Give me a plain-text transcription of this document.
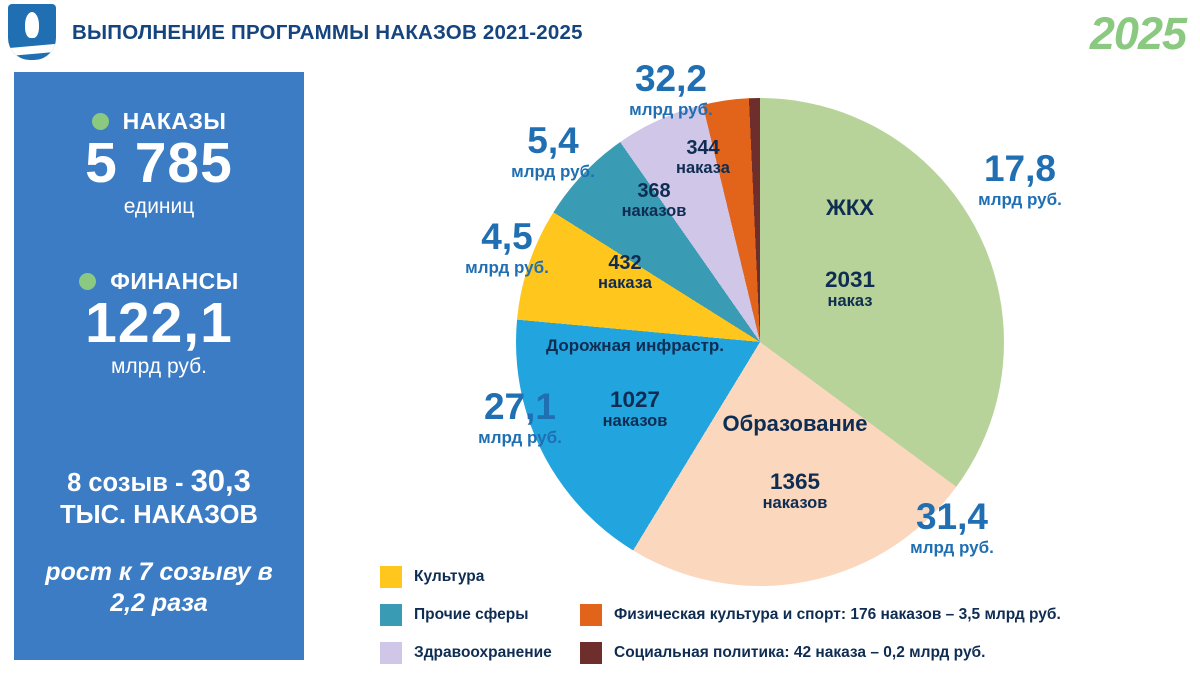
ВЫПОЛНЕНИЕ ПРОГРАММЫ НАКАЗОВ 2021-2025	2025
НАКАЗЫ
5 785
единиц
ФИНАНСЫ
122,1
млрд руб.
8 созыв - 30,3
ТЫС. НАКАЗОВ
рост к 7 созыву в
2,2 раза
ЖКХ
2031
наказ
Образование
1365
наказов
Дорожная инфрастр.
1027
наказов
432
наказа
368
наказов
344
наказа
32,2
млрд руб.
5,4
млрд руб.
4,5
млрд руб.
27,1
млрд руб.
31,4
млрд руб.
17,8
млрд руб.
Культура
Прочие сферы
Здравоохранение
Физическая культура и спорт: 176 наказов – 3,5 млрд руб.
Социальная политика: 42 наказа – 0,2 млрд руб.
